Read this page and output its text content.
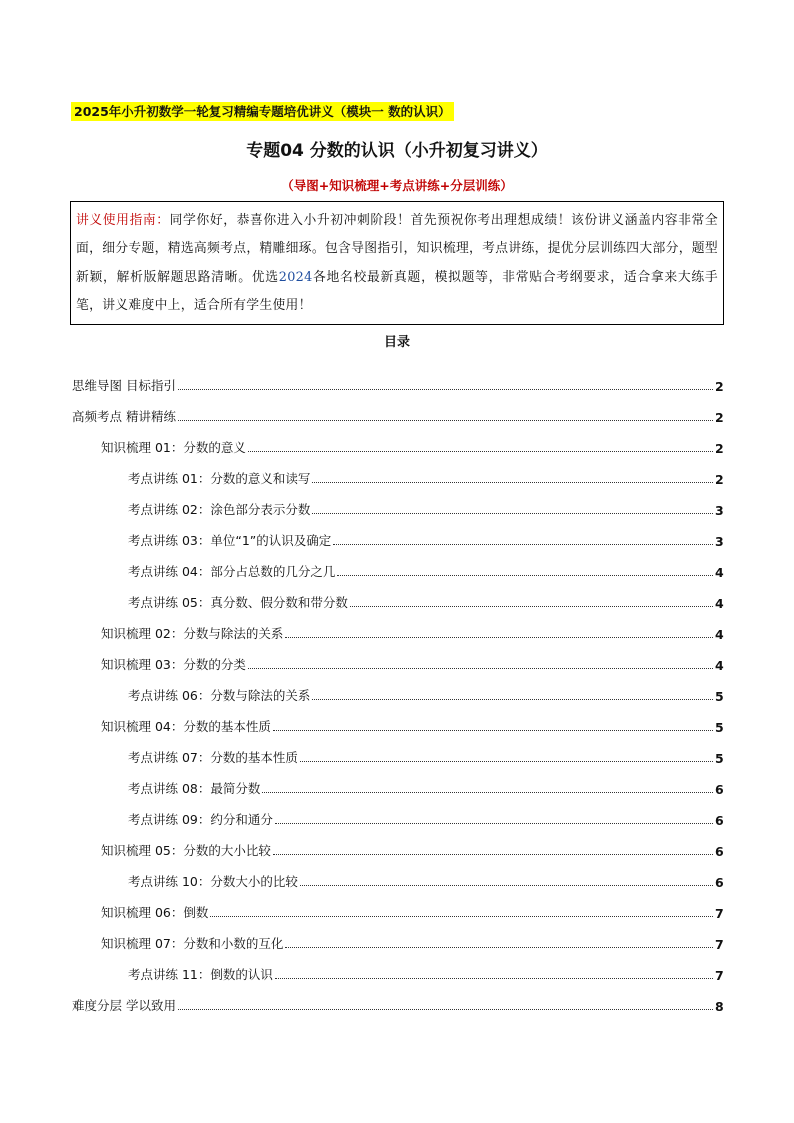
2025年小升初数学一轮复习精编专题培优讲义（模块一 数的认识）
专题04 分数的认识（小升初复习讲义）
（导图+知识梳理+考点讲练+分层训练）
讲义使用指南：同学你好，恭喜你进入小升初冲刺阶段！首先预祝你考出理想成绩！该份讲义涵盖内容非常全面，细分专题，精选高频考点，精雕细琢。包含导图指引，知识梳理，考点讲练，提优分层训练四大部分，题型新颖，解析版解题思路清晰。优选2024各地名校最新真题，模拟题等，非常贴合考纲要求，适合拿来大练手笔，讲义难度中上，适合所有学生使用！
目录
思维导图 目标指引	2
高频考点 精讲精练	2
知识梳理 01：分数的意义	2
考点讲练 01：分数的意义和读写	2
考点讲练 02：涂色部分表示分数	3
考点讲练 03：单位“1”的认识及确定	3
考点讲练 04：部分占总数的几分之几	4
考点讲练 05：真分数、假分数和带分数	4
知识梳理 02：分数与除法的关系	4
知识梳理 03：分数的分类	4
考点讲练 06：分数与除法的关系	5
知识梳理 04：分数的基本性质	5
考点讲练 07：分数的基本性质	5
考点讲练 08：最简分数	6
考点讲练 09：约分和通分	6
知识梳理 05：分数的大小比较	6
考点讲练 10：分数大小的比较	6
知识梳理 06：倒数	7
知识梳理 07：分数和小数的互化	7
考点讲练 11：倒数的认识	7
难度分层 学以致用	8
